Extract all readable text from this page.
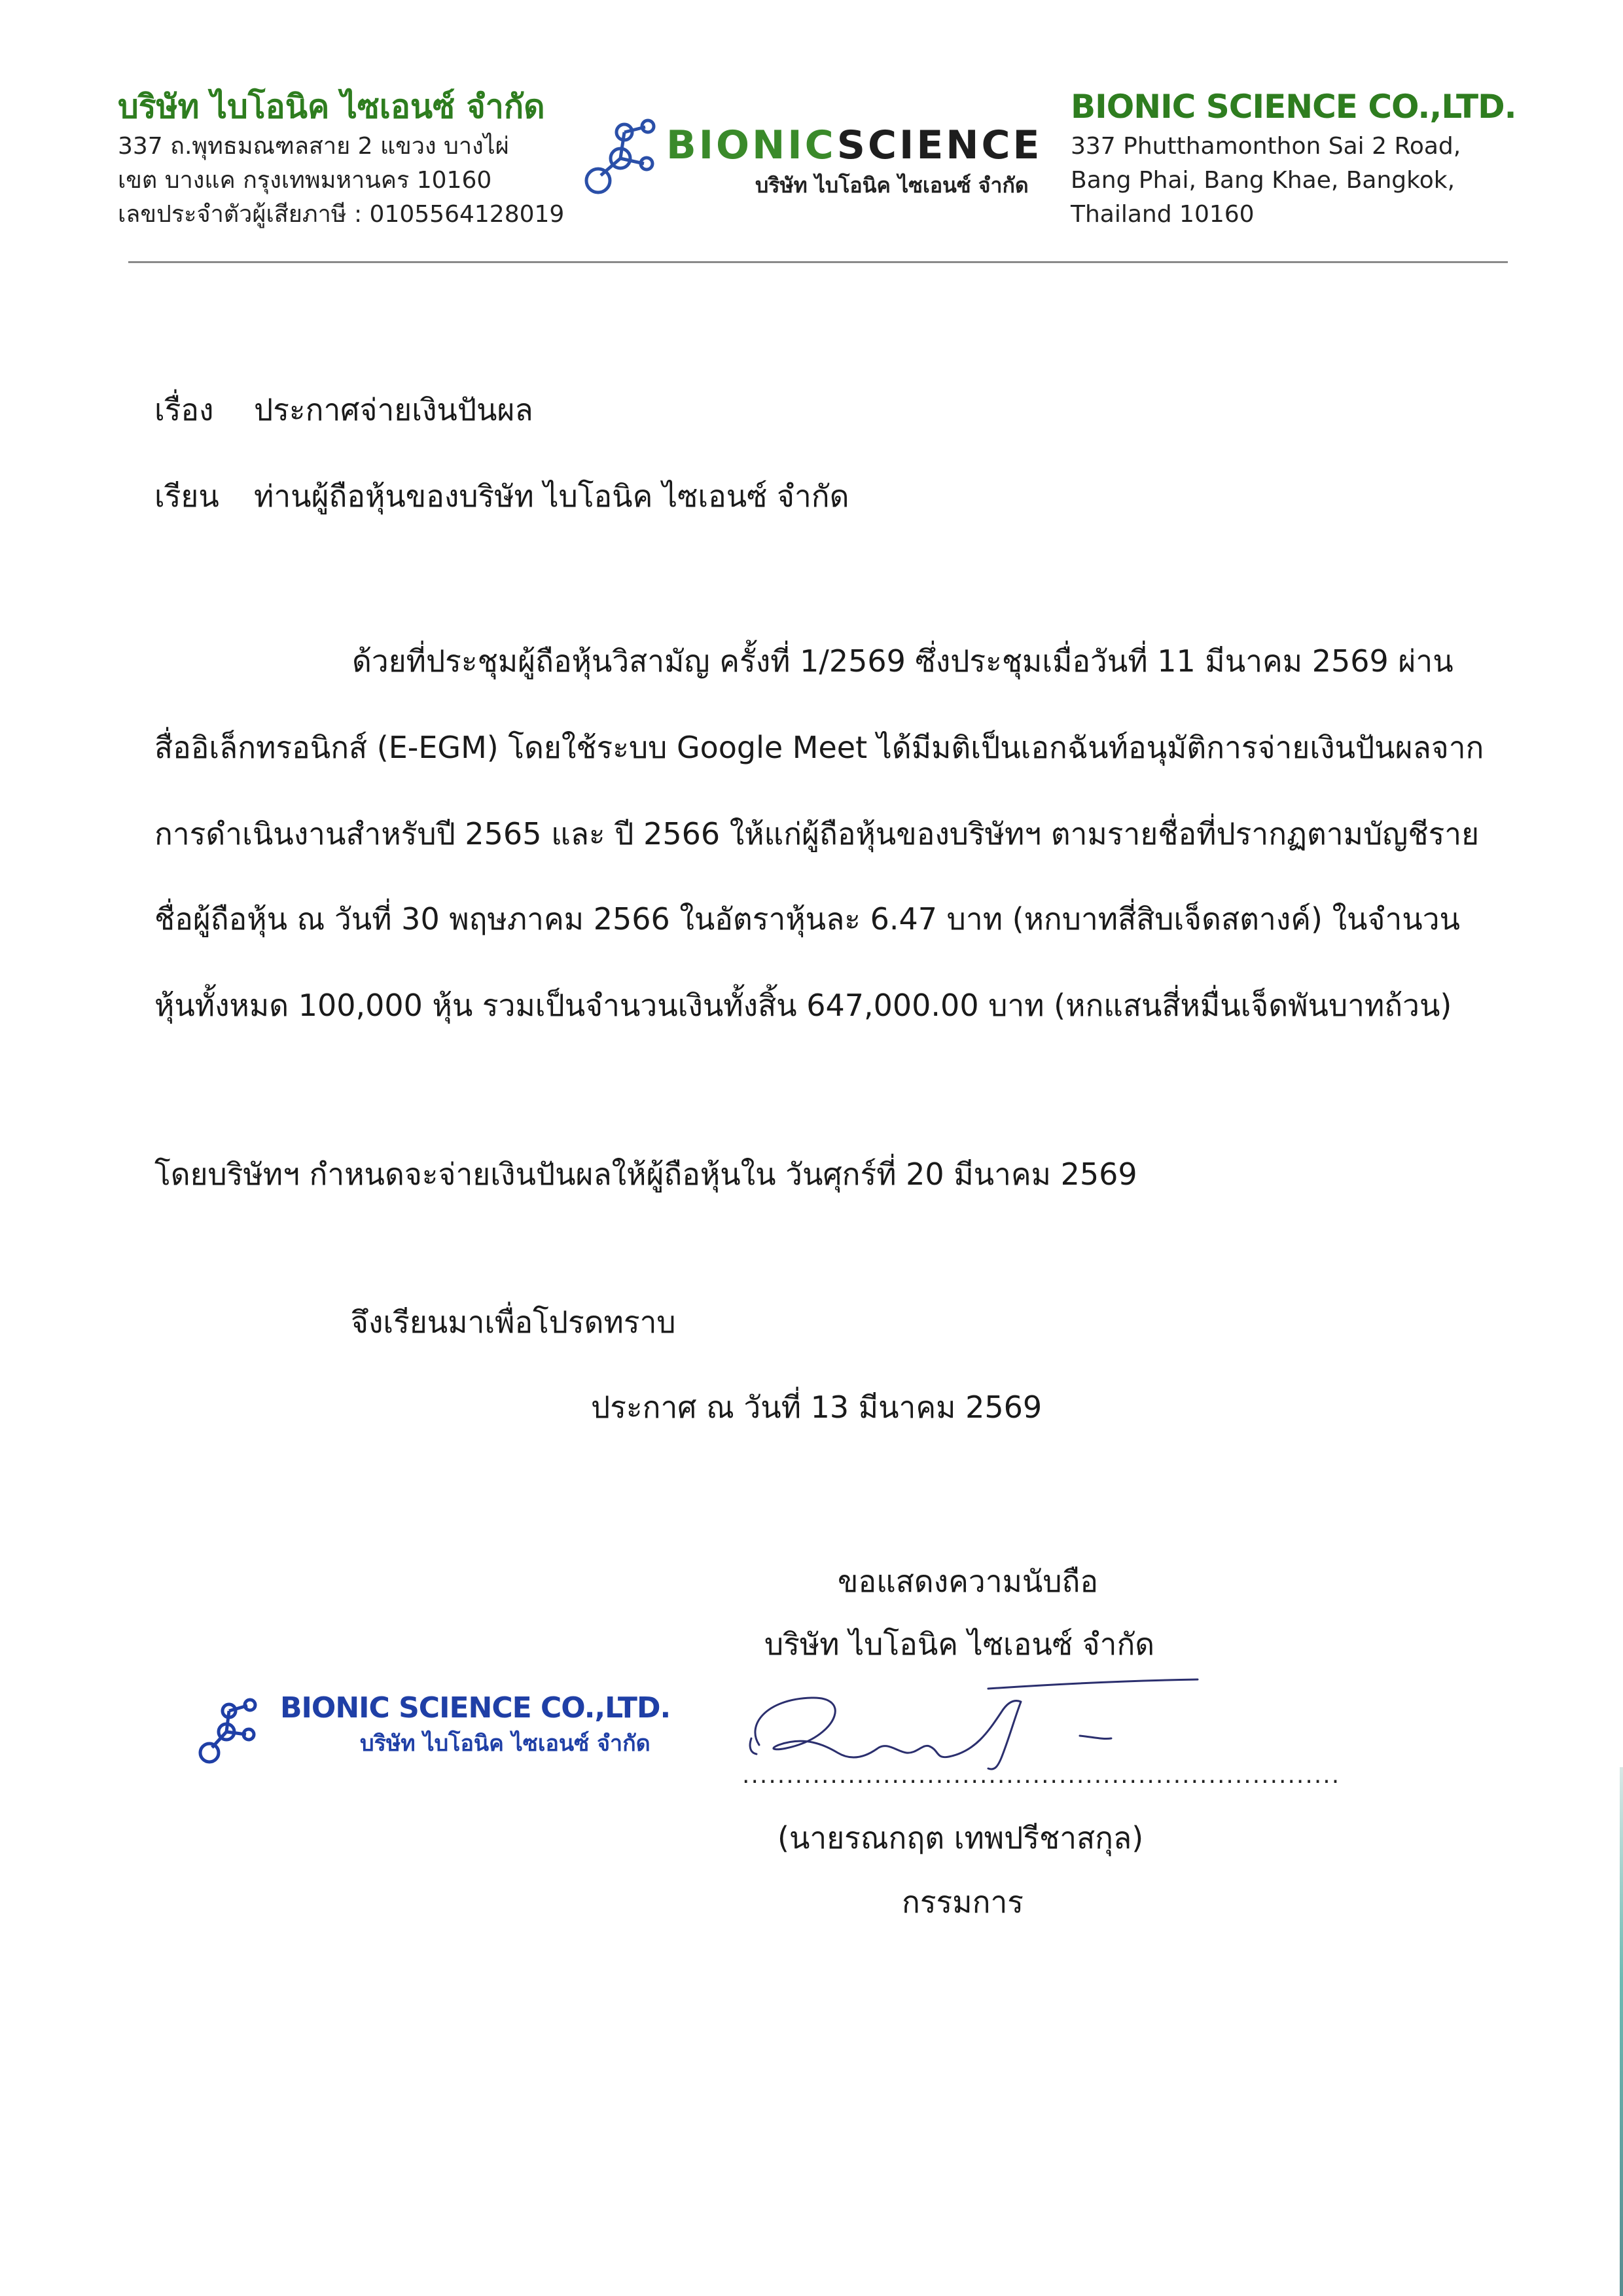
บริษัท ไบโอนิค ไซเอนซ์ จำกัด
337 ถ.พุทธมณฑลสาย 2 แขวง บางไผ่
เขต บางแค กรุงเทพมหานคร 10160
เลขประจำตัวผู้เสียภาษี : 0105564128019
BIONICSCIENCE
บริษัท ไบโอนิค ไซเอนซ์ จำกัด
BIONIC SCIENCE CO.,LTD.
337 Phutthamonthon Sai 2 Road,
Bang Phai, Bang Khae, Bangkok,
Thailand 10160
เรื่อง ประกาศจ่ายเงินปันผล
เรียน ท่านผู้ถือหุ้นของบริษัท ไบโอนิค ไซเอนซ์ จำกัด
ด้วยที่ประชุมผู้ถือหุ้นวิสามัญ ครั้งที่ 1/2569 ซึ่งประชุมเมื่อวันที่ 11 มีนาคม 2569 ผ่าน
สื่ออิเล็กทรอนิกส์ (E-EGM) โดยใช้ระบบ Google Meet ได้มีมติเป็นเอกฉันท์อนุมัติการจ่ายเงินปันผลจาก
การดำเนินงานสำหรับปี 2565 และ ปี 2566 ให้แก่ผู้ถือหุ้นของบริษัทฯ ตามรายชื่อที่ปรากฏตามบัญชีราย
ชื่อผู้ถือหุ้น ณ วันที่ 30 พฤษภาคม 2566 ในอัตราหุ้นละ 6.47 บาท (หกบาทสี่สิบเจ็ดสตางค์) ในจำนวน
หุ้นทั้งหมด 100,000 หุ้น รวมเป็นจำนวนเงินทั้งสิ้น 647,000.00 บาท (หกแสนสี่หมื่นเจ็ดพันบาทถ้วน)
โดยบริษัทฯ กำหนดจะจ่ายเงินปันผลให้ผู้ถือหุ้นใน วันศุกร์ที่ 20 มีนาคม 2569
จึงเรียนมาเพื่อโปรดทราบ
ประกาศ ณ วันที่ 13 มีนาคม 2569
ขอแสดงความนับถือ
บริษัท ไบโอนิค ไซเอนซ์ จำกัด
....................................................................
(นายรณกฤต เทพปรีชาสกุล)
กรรมการ
BIONIC SCIENCE CO.,LTD.
บริษัท ไบโอนิค ไซเอนซ์ จำกัด
